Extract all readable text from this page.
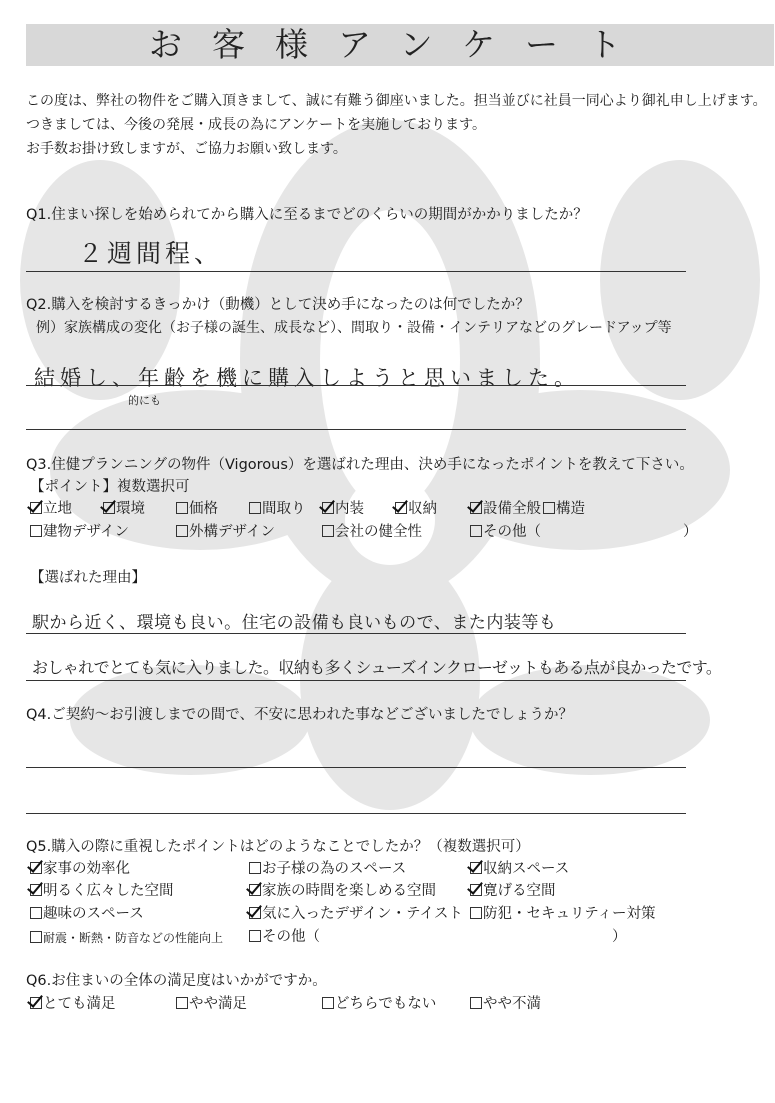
お客様アンケート
この度は、弊社の物件をご購入頂きまして、誠に有難う御座いました。担当並びに社員一同心より御礼申し上げます。
つきましては、今後の発展・成長の為にアンケートを実施しております。
お手数お掛け致しますが、ご協力お願い致します。
Q1.住まい探しを始められてから購入に至るまでどのくらいの期間がかかりましたか？
２週間程、
Q2.購入を検討するきっかけ（動機）として決め手になったのは何でしたか？
例）家族構成の変化（お子様の誕生、成長など）、間取り・設備・インテリアなどのグレードアップ等
結婚し、年齢を機に購入しようと思いました。
的にも
Q3.住健プランニングの物件（Vigorous）を選ばれた理由、決め手になったポイントを教えて下さい。
【ポイント】複数選択可
立地	環境	価格	間取り	内装	収納	設備全般	構造
建物デザイン	外構デザイン	会社の健全性	その他（	）
【選ばれた理由】
駅から近く、環境も良い。住宅の設備も良いもので、また内装等も
おしゃれでとても気に入りました。収納も多くシューズインクローゼットもある点が良かったです。
Q4.ご契約～お引渡しまでの間で、不安に思われた事などございましたでしょうか？
Q5.購入の際に重視したポイントはどのようなことでしたか？（複数選択可）
家事の効率化	お子様の為のスペース	収納スペース
明るく広々した空間	家族の時間を楽しめる空間	寛げる空間
趣味のスペース	気に入ったデザイン・テイスト	防犯・セキュリティー対策
耐震・断熱・防音などの性能向上	その他（	）
Q6.お住まいの全体の満足度はいかがですか。
とても満足	やや満足	どちらでもない	やや不満
